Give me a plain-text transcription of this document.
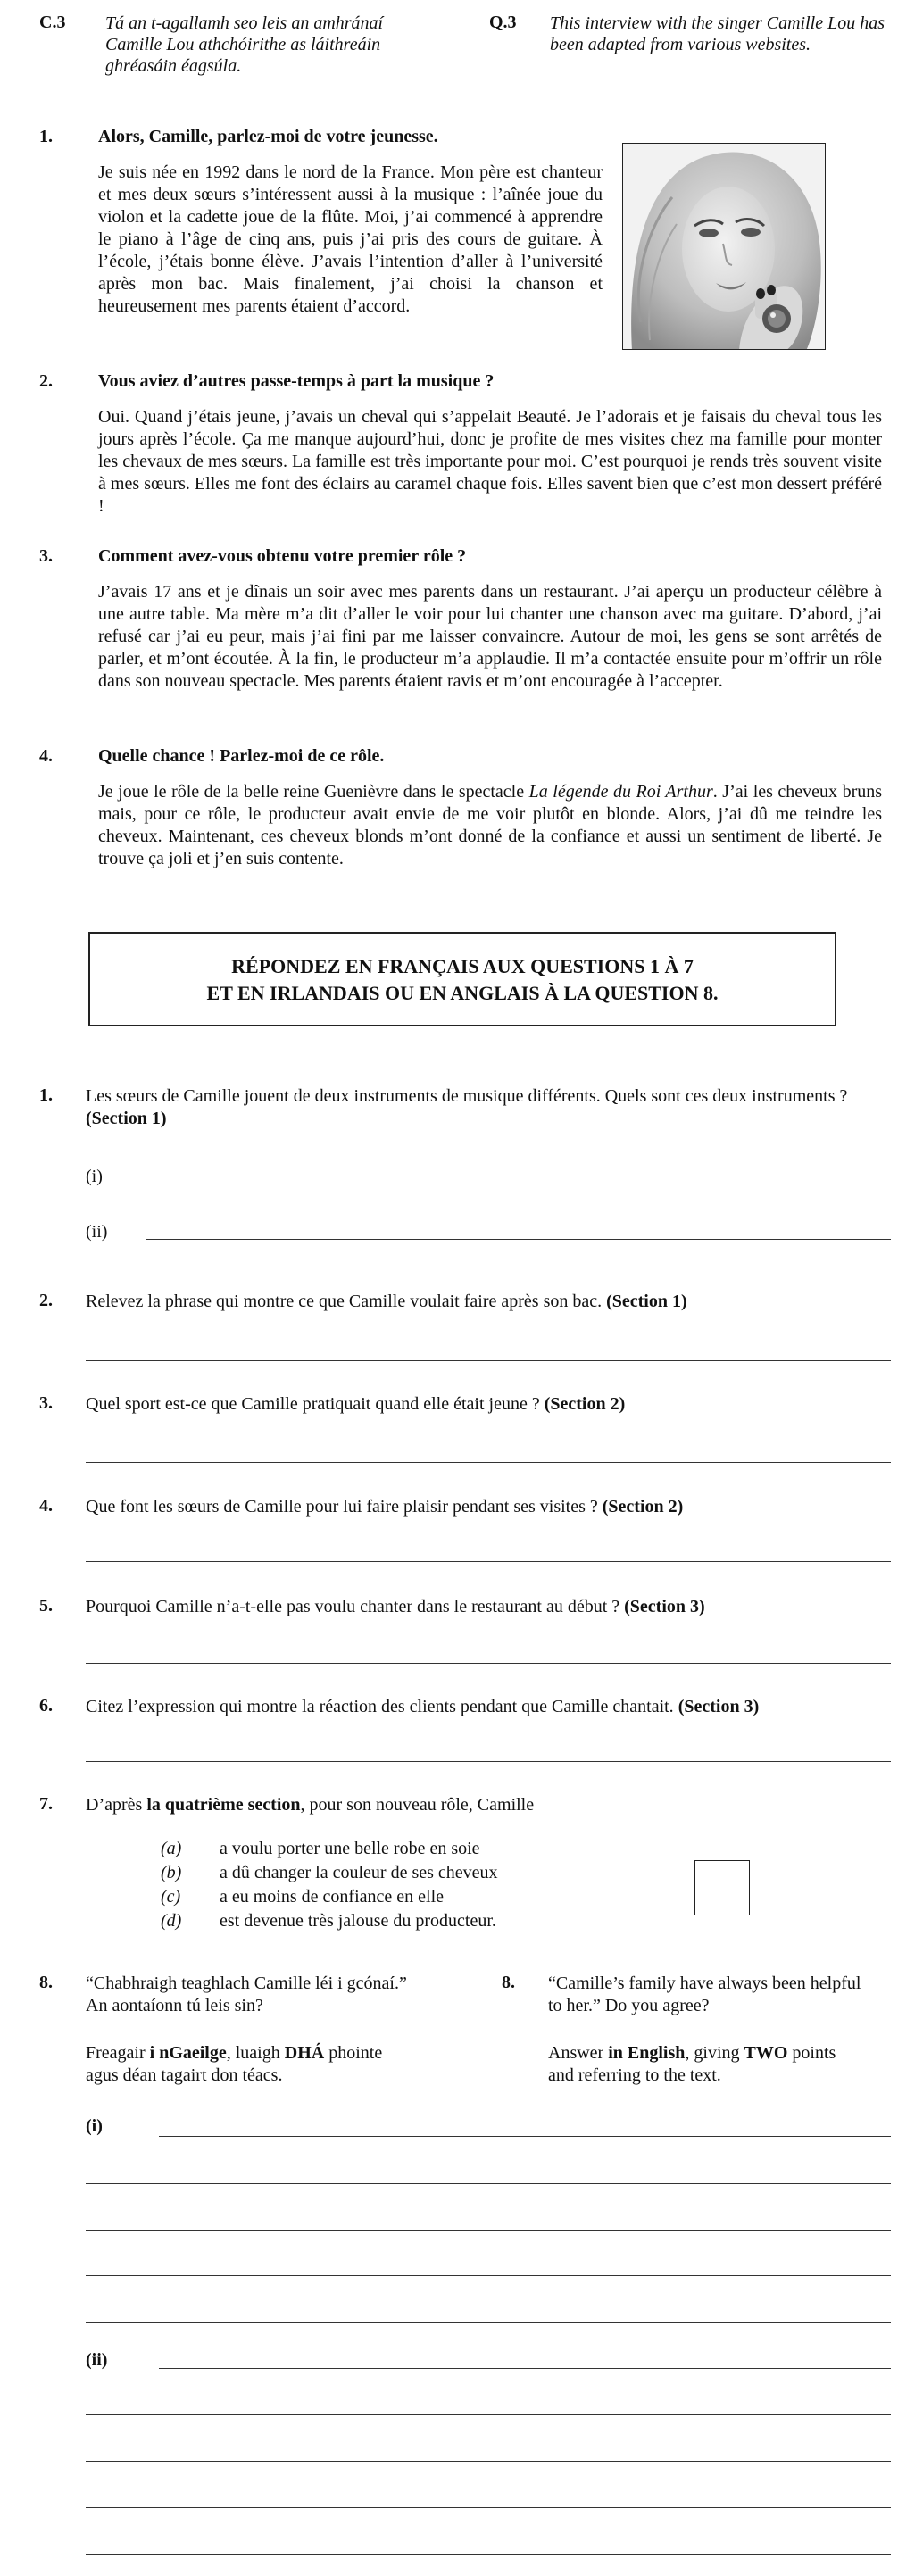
C.3 Tá an t-agallamh seo leis an amhránaí Camille Lou athchóirithe as láithreáin ghréasáin éagsúla.
Q.3 This interview with the singer Camille Lou has been adapted from various websites.
1.	Alors, Camille, parlez-moi de votre jeunesse.
Je suis née en 1992 dans le nord de la France. Mon père est chanteur et mes deux sœurs s’intéressent aussi à la musique : l’aînée joue du violon et la cadette joue de la flûte. Moi, j’ai commencé à apprendre le piano à l’âge de cinq ans, puis j’ai pris des cours de guitare. À l’école, j’étais bonne élève. J’avais l’intention d’aller à l’université après mon bac. Mais finalement, j’ai choisi la chanson et heureusement mes parents étaient d’accord.
2.	Vous aviez d’autres passe-temps à part la musique ?
Oui. Quand j’étais jeune, j’avais un cheval qui s’appelait Beauté. Je l’adorais et je faisais du cheval tous les jours après l’école. Ça me manque aujourd’hui, donc je profite de mes visites chez ma famille pour monter les chevaux de mes sœurs. La famille est très importante pour moi. C’est pourquoi je rends très souvent visite à mes sœurs. Elles me font des éclairs au caramel chaque fois. Elles savent bien que c’est mon dessert préféré !
3.	Comment avez-vous obtenu votre premier rôle ?
J’avais 17 ans et je dînais un soir avec mes parents dans un restaurant. J’ai aperçu un producteur célèbre à une autre table. Ma mère m’a dit d’aller le voir pour lui chanter une chanson avec ma guitare. D’abord, j’ai refusé car j’ai eu peur, mais j’ai fini par me laisser convaincre. Autour de moi, les gens se sont arrêtés de parler, et m’ont écoutée. À la fin, le producteur m’a applaudie. Il m’a contactée ensuite pour m’offrir un rôle dans son nouveau spectacle. Mes parents étaient ravis et m’ont encouragée à l’accepter.
4.	Quelle chance ! Parlez-moi de ce rôle.
Je joue le rôle de la belle reine Guenièvre dans le spectacle La légende du Roi Arthur. J’ai les cheveux bruns mais, pour ce rôle, le producteur avait envie de me voir plutôt en blonde. Alors, j’ai dû me teindre les cheveux. Maintenant, ces cheveux blonds m’ont donné de la confiance et aussi un sentiment de liberté. Je trouve ça joli et j’en suis contente.
RÉPONDEZ EN FRANÇAIS AUX QUESTIONS 1 À 7
ET EN IRLANDAIS OU EN ANGLAIS À LA QUESTION 8.
1. Les sœurs de Camille jouent de deux instruments de musique différents. Quels sont ces deux instruments ? (Section 1)
(i)
(ii)
2. Relevez la phrase qui montre ce que Camille voulait faire après son bac. (Section 1)
3. Quel sport est-ce que Camille pratiquait quand elle était jeune ? (Section 2)
4. Que font les sœurs de Camille pour lui faire plaisir pendant ses visites ? (Section 2)
5. Pourquoi Camille n’a-t-elle pas voulu chanter dans le restaurant au début ? (Section 3)
6. Citez l’expression qui montre la réaction des clients pendant que Camille chantait. (Section 3)
7. D’après la quatrième section, pour son nouveau rôle, Camille
(a) a voulu porter une belle robe en soie
(b) a dû changer la couleur de ses cheveux
(c) a eu moins de confiance en elle
(d) est devenue très jalouse du producteur.
8. “Chabhraigh teaghlach Camille léi i gcónaí.”
An aontaíonn tú leis sin?
Freagair i nGaeilge, luaigh DHÁ phointe
agus déan tagairt don téacs.
8. “Camille’s family have always been helpful
to her.” Do you agree?
Answer in English, giving TWO points
and referring to the text.
(i)
(ii)
